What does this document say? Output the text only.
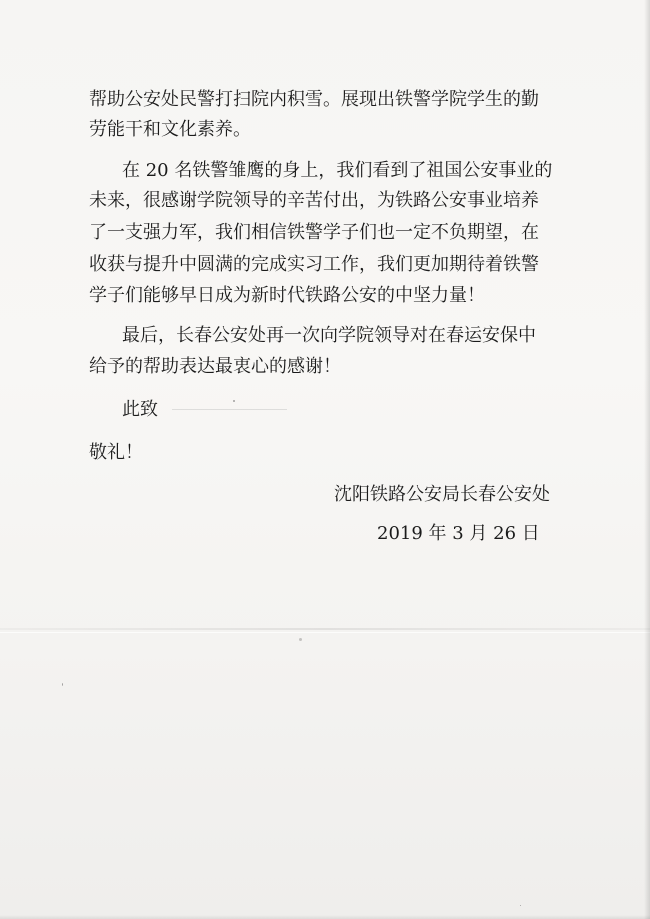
帮助公安处民警打扫院内积雪。展现出铁警学院学生的勤
劳能干和文化素养。
在 20 名铁警雏鹰的身上，我们看到了祖国公安事业的
未来，很感谢学院领导的辛苦付出，为铁路公安事业培养
了一支强力军，我们相信铁警学子们也一定不负期望，在
收获与提升中圆满的完成实习工作，我们更加期待着铁警
学子们能够早日成为新时代铁路公安的中坚力量！
最后，长春公安处再一次向学院领导对在春运安保中
给予的帮助表达最衷心的感谢！
此致
敬礼！
沈阳铁路公安局长春公安处
2019 年 3 月 26 日
